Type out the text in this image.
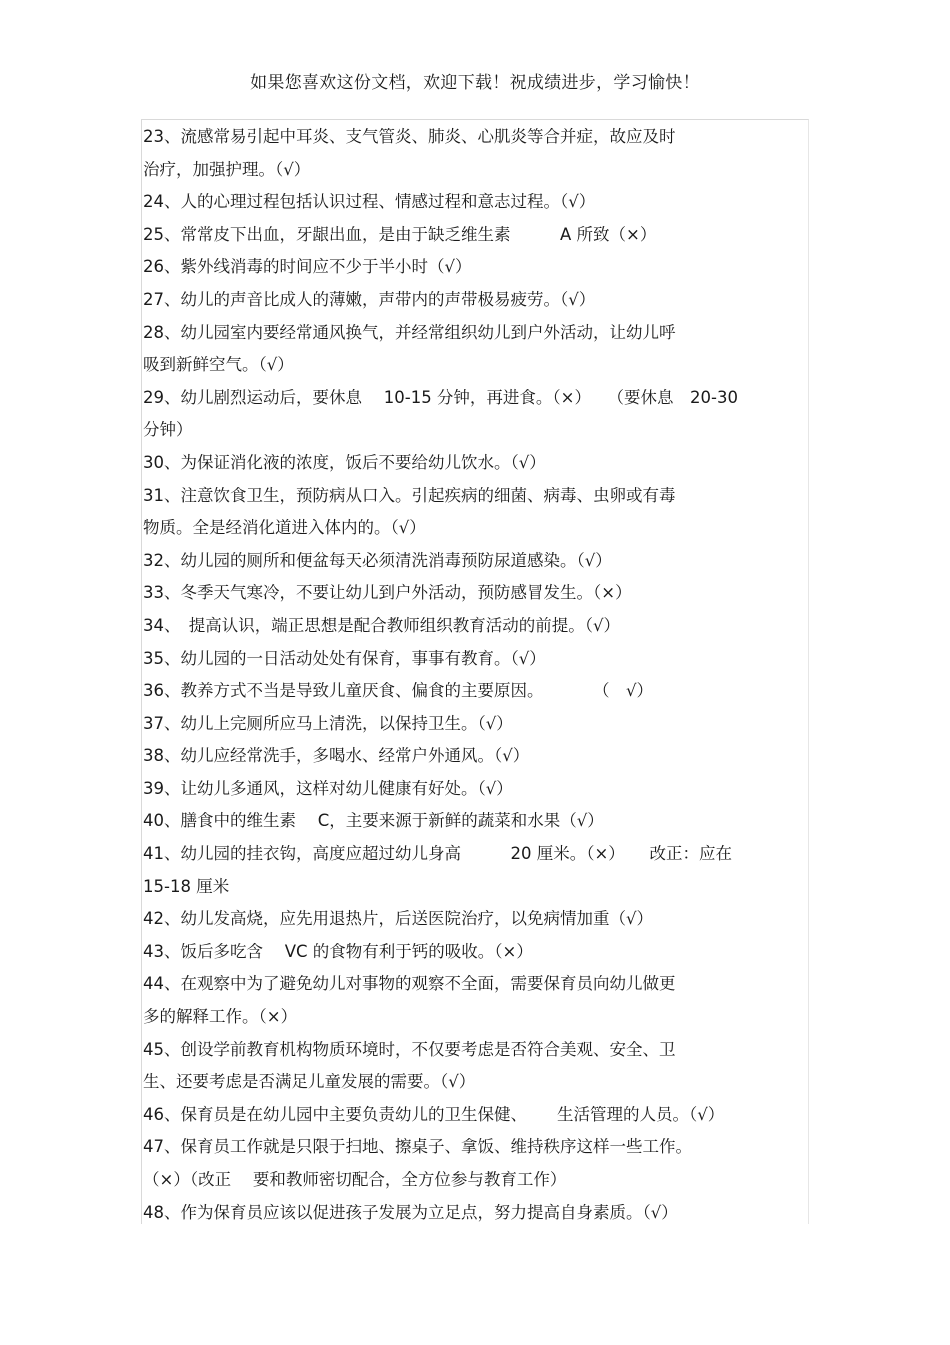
如果您喜欢这份文档，欢迎下载！祝成绩进步，学习愉快！
23、流感常易引起中耳炎、支气管炎、肺炎、心肌炎等合并症，故应及时
治疗，加强护理。（√）
24、人的心理过程包括认识过程、情感过程和意志过程。（√）
25、常常皮下出血，牙龈出血，是由于缺乏维生素　　　A 所致（×）
26、紫外线消毒的时间应不少于半小时（√）
27、幼儿的声音比成人的薄嫩，声带内的声带极易疲劳。（√）
28、幼儿园室内要经常通风换气，并经常组织幼儿到户外活动，让幼儿呼
吸到新鲜空气。（√）
29、幼儿剧烈运动后，要休息　 10-15 分钟，再进食。（×）　　（要休息　20-30
分钟）
30、为保证消化液的浓度，饭后不要给幼儿饮水。（√）
31、注意饮食卫生，预防病从口入。引起疾病的细菌、病毒、虫卵或有毒
物质。全是经消化道进入体内的。（√）
32、幼儿园的厕所和便盆每天必须清洗消毒预防尿道感染。（√）
33、冬季天气寒冷，不要让幼儿到户外活动，预防感冒发生。（×）
34、　提高认识，端正思想是配合教师组织教育活动的前提。（√）
35、幼儿园的一日活动处处有保育，事事有教育。（√）
36、教养方式不当是导致儿童厌食、偏食的主要原因。　　　　（　√）
37、幼儿上完厕所应马上清洗，以保持卫生。（√）
38、幼儿应经常洗手，多喝水、经常户外通风。（√）
39、让幼儿多通风，这样对幼儿健康有好处。（√）
40、膳食中的维生素　 C，主要来源于新鲜的蔬菜和水果（√）
41、幼儿园的挂衣钩，高度应超过幼儿身高　　　20 厘米。（×）　　改正：应在
15-18 厘米
42、幼儿发高烧，应先用退热片，后送医院治疗，以免病情加重（√）
43、饭后多吃含　 VC 的食物有利于钙的吸收。（×）
44、在观察中为了避免幼儿对事物的观察不全面，需要保育员向幼儿做更
多的解释工作。（×）
45、创设学前教育机构物质环境时，不仅要考虑是否符合美观、安全、卫
生、还要考虑是否满足儿童发展的需要。（√）
46、保育员是在幼儿园中主要负责幼儿的卫生保健、　　 生活管理的人员。（√）
47、保育员工作就是只限于扫地、擦桌子、拿饭、维持秩序这样一些工作。
（×）（改正　 要和教师密切配合，全方位参与教育工作）
48、作为保育员应该以促进孩子发展为立足点，努力提高自身素质。（√）
